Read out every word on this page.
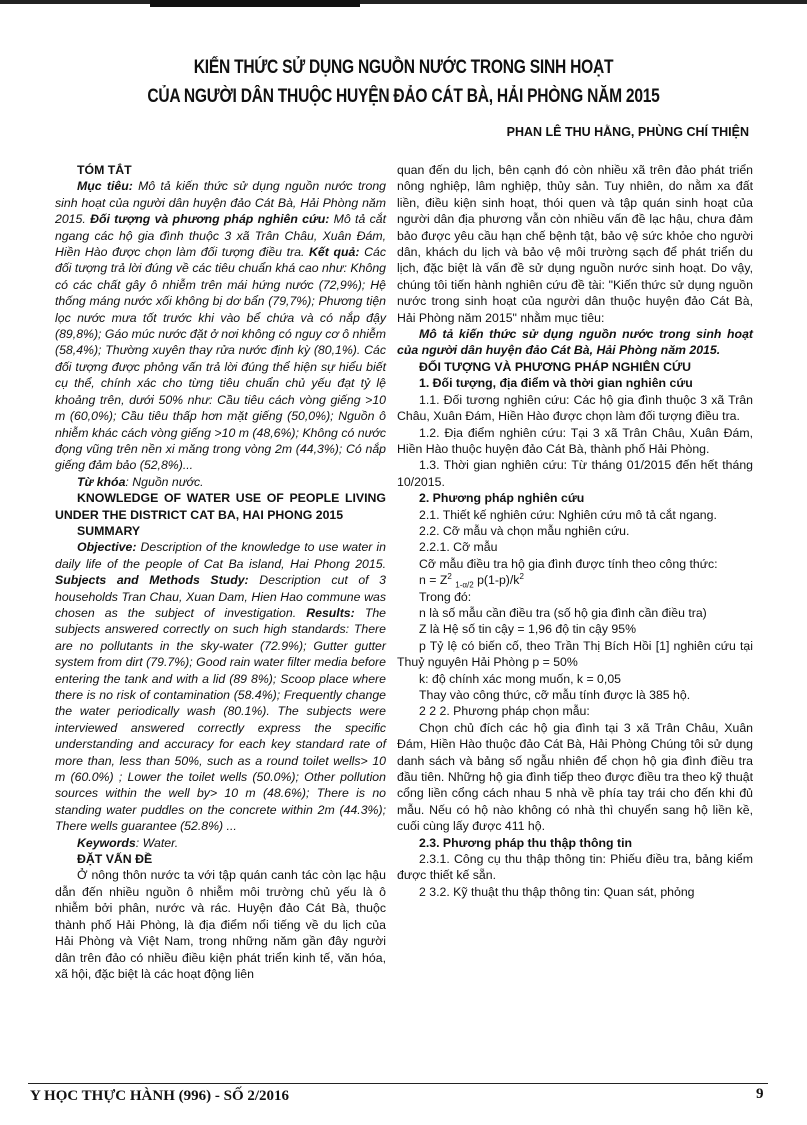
KIẾN THỨC SỬ DỤNG NGUỒN NƯỚC TRONG SINH HOẠT
CỦA NGƯỜI DÂN THUỘC HUYỆN ĐẢO CÁT BÀ, HẢI PHÒNG NĂM 2015
PHAN LÊ THU HẰNG, PHÙNG CHÍ THIỆN

TÓM TẮT

Mục tiêu: Mô tả kiến thức sử dụng nguồn nước trong sinh hoạt của người dân huyện đảo Cát Bà, Hải Phòng năm 2015. Đối tượng và phương pháp nghiên cứu: Mô tả cắt ngang các hộ gia đình thuộc 3 xã Trân Châu, Xuân Đám, Hiền Hào được chọn làm đối tượng điều tra. Kết quả: Các đối tượng trả lời đúng về các tiêu chuẩn khá cao như: Không có các chất gây ô nhiễm trên mái hứng nước (72,9%); Hệ thống máng nước xối không bị dơ bẩn (79,7%); Phương tiện lọc nước mưa tốt trước khi vào bể chứa và có nắp đậy (89,8%); Gáo múc nước đặt ở nơi không có nguy cơ ô nhiễm (58,4%); Thường xuyên thay rửa nước định kỳ (80,1%). Các đối tượng được phỏng vấn trả lời đúng thể hiện sự hiểu biết cụ thể, chính xác cho từng tiêu chuẩn chủ yếu đạt tỷ lệ khoảng trên, dưới 50% như: Cầu tiêu cách vòng giếng >10 m (60,0%); Cầu tiêu thấp hơn mặt giếng (50,0%); Nguồn ô nhiễm khác cách vòng giếng >10 m (48,6%); Không có nước đọng vũng trên nền xi măng trong vòng 2m (44,3%); Có nắp giếng đảm bảo (52,8%)...

Từ khóa: Nguồn nước.

KNOWLEDGE OF WATER USE OF PEOPLE LIVING UNDER THE DISTRICT CAT BA, HAI PHONG 2015

SUMMARY

Objective: Description of the knowledge to use water in daily life of the people of Cat Ba island, Hai Phong 2015. Subjects and Methods Study: Description cut of 3 households Tran Chau, Xuan Dam, Hien Hao commune was chosen as the subject of investigation. Results: The subjects answered correctly on such high standards: There are no pollutants in the sky-water (72.9%); Gutter gutter system from dirt (79.7%); Good rain water filter media before entering the tank and with a lid (89 8%); Scoop place where there is no risk of contamination (58.4%); Frequently change the water periodically wash (80.1%). The subjects were interviewed answered correctly express the specific understanding and accuracy for each key standard rate of more than, less than 50%, such as a round toilet wells> 10 m (60.0%) ; Lower the toilet wells (50.0%); Other pollution sources within the well by> 10 m (48.6%); There is no standing water puddles on the concrete within 2m (44.3%); There wells guarantee (52.8%) ...

Keywords: Water.

ĐẶT VẤN ĐỀ

Ở nông thôn nước ta với tập quán canh tác còn lạc hậu dẫn đến nhiều nguồn ô nhiễm môi trường chủ yếu là ô nhiễm bởi phân, nước và rác. Huyện đảo Cát Bà, thuộc thành phố Hải Phòng, là địa điểm nổi tiếng về du lịch của Hải Phòng và Việt Nam, trong những năm gần đây người dân trên đảo có nhiều điều kiện phát triển kinh tế, văn hóa, xã hội, đặc biệt là các hoạt động liên

quan đến du lịch, bên cạnh đó còn nhiều xã trên đảo phát triển nông nghiệp, lâm nghiệp, thủy sản. Tuy nhiên, do nằm xa đất liền, điều kiện sinh hoạt, thói quen và tập quán sinh hoạt của người dân địa phương vẫn còn nhiều vấn đề lạc hậu, chưa đảm bảo được yêu cầu hạn chế bệnh tật, bảo vệ sức khỏe cho người dân, khách du lịch và bảo vệ môi trường sạch để phát triển du lịch, đặc biệt là vấn đề sử dụng nguồn nước sinh hoạt. Do vậy, chúng tôi tiến hành nghiên cứu đề tài: "Kiến thức sử dụng nguồn nước trong sinh hoạt của người dân thuộc huyện đảo Cát Bà, Hải Phòng năm 2015" nhằm mục tiêu:

Mô tả kiến thức sử dụng nguồn nước trong sinh hoạt của người dân huyện đảo Cát Bà, Hải Phòng năm 2015.

ĐỐI TƯỢNG VÀ PHƯƠNG PHÁP NGHIÊN CỨU

1. Đối tượng, địa điểm và thời gian nghiên cứu

1.1. Đối tương nghiên cứu: Các hộ gia đình thuộc 3 xã Trân Châu, Xuân Đám, Hiền Hào được chọn làm đối tượng điều tra.

1.2. Địa điểm nghiên cứu: Tại 3 xã Trân Châu, Xuân Đám, Hiền Hào thuộc huyện đảo Cát Bà, thành phố Hải Phòng.

1.3. Thời gian nghiên cứu: Từ tháng 01/2015 đến hết tháng 10/2015.

2. Phương pháp nghiên cứu

2.1. Thiết kế nghiên cứu: Nghiên cứu mô tả cắt ngang.

2.2. Cỡ mẫu và chọn mẫu nghiên cứu.

2.2.1. Cỡ mẫu

Cỡ mẫu điều tra hộ gia đình được tính theo công thức:

$n = Z^2$ $_{1-\alpha/2}$ $p(1-p)/k^2$

Trong đó:

n là số mẫu cần điều tra (số hộ gia đình cần điều tra)

Z là Hệ số tin cậy = 1,96 độ tin cậy 95%

p Tỷ lệ có biến cố, theo Trần Thị Bích Hồi [1] nghiên cứu tại Thuỷ nguyên Hải Phòng p = 50%

k: độ chính xác mong muốn, k = 0,05

Thay vào công thức, cỡ mẫu tính được là 385 hộ.

2 2 2. Phương pháp chọn mẫu:

Chọn chủ đích các hộ gia đình tại 3 xã Trân Châu, Xuân Đám, Hiền Hào thuộc đảo Cát Bà, Hải Phòng Chúng tôi sử dụng danh sách và bảng số ngẫu nhiên để chọn hộ gia đình điều tra đầu tiên. Những hộ gia đình tiếp theo được điều tra theo kỹ thuật cổng liền cổng cách nhau 5 nhà về phía tay trái cho đến khi đủ mẫu. Nếu có hộ nào không có nhà thì chuyển sang hộ liền kề, cuối cùng lấy được 411 hộ.

2.3. Phương pháp thu thập thông tin

2.3.1. Công cụ thu thập thông tin: Phiếu điều tra, bảng kiểm được thiết kế sẵn.

2 3.2. Kỹ thuật thu thập thông tin: Quan sát, phỏng

Y HỌC THỰC HÀNH (996) - SỐ 2/2016	9
